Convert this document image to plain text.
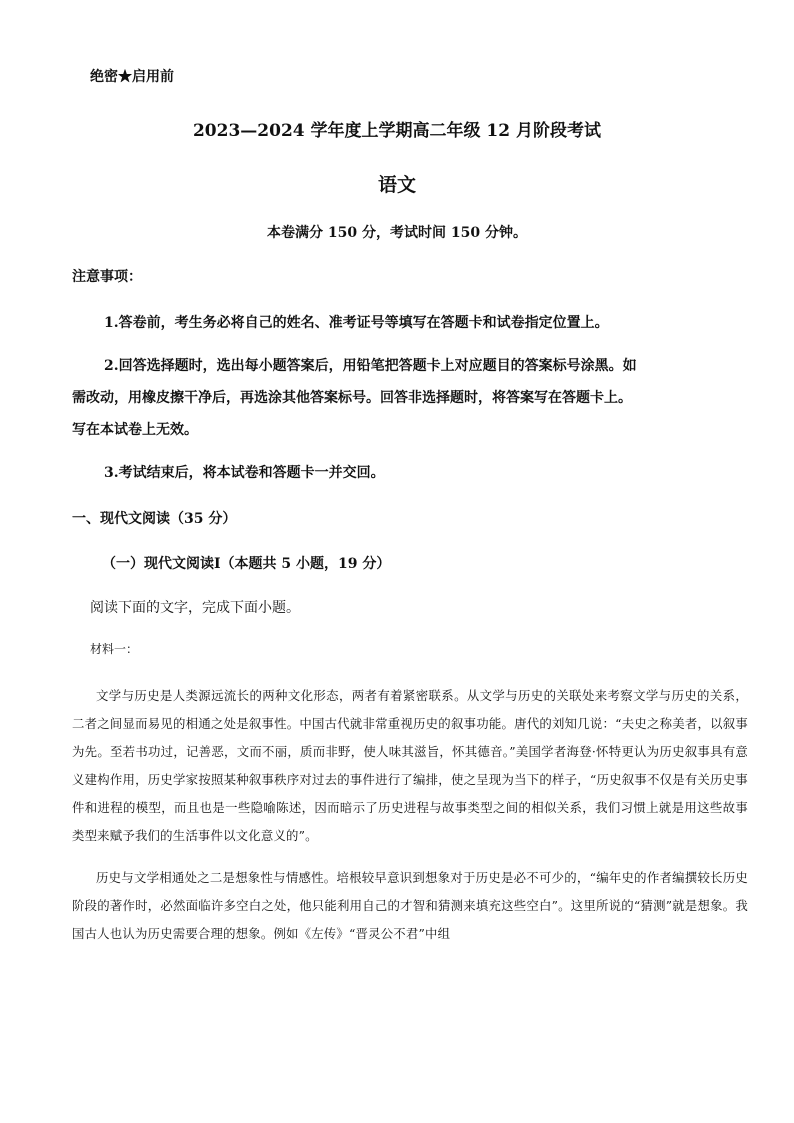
绝密★启用前
2023—2024 学年度上学期高二年级 12 月阶段考试
语文
本卷满分 150 分，考试时间 150 分钟。
注意事项：
1.答卷前，考生务必将自己的姓名、准考证号等填写在答题卡和试卷指定位置上。
2.回答选择题时，选出每小题答案后，用铅笔把答题卡上对应题目的答案标号涂黑。如
需改动，用橡皮擦干净后，再选涂其他答案标号。回答非选择题时，将答案写在答题卡上。
写在本试卷上无效。
3.考试结束后，将本试卷和答题卡一并交回。
一、现代文阅读（35 分）
（一）现代文阅读Ⅰ（本题共 5 小题，19 分）
阅读下面的文字，完成下面小题。
材料一：

文学与历史是人类源远流长的两种文化形态，两者有着紧密联系。从文学与历史的关联处来考察文学与历史的关系，二者之间显而易见的相通之处是叙事性。中国古代就非常重视历史的叙事功能。唐代的刘知几说：“夫史之称美者，以叙事为先。至若书功过，记善恶，文而不丽，质而非野，使人味其滋旨，怀其德音。”美国学者海登·怀特更认为历史叙事具有意义建构作用，历史学家按照某种叙事秩序对过去的事件进行了编排，使之呈现为当下的样子，“历史叙事不仅是有关历史事件和进程的模型，而且也是一些隐喻陈述，因而暗示了历史进程与故事类型之间的相似关系，我们习惯上就是用这些故事类型来赋予我们的生活事件以文化意义的”。

历史与文学相通处之二是想象性与情感性。培根较早意识到想象对于历史是必不可少的，“编年史的作者编撰较长历史阶段的著作时，必然面临许多空白之处，他只能利用自己的才智和猜测来填充这些空白”。这里所说的“猜测”就是想象。我国古人也认为历史需要合理的想象。例如《左传》“晋灵公不君”中组
